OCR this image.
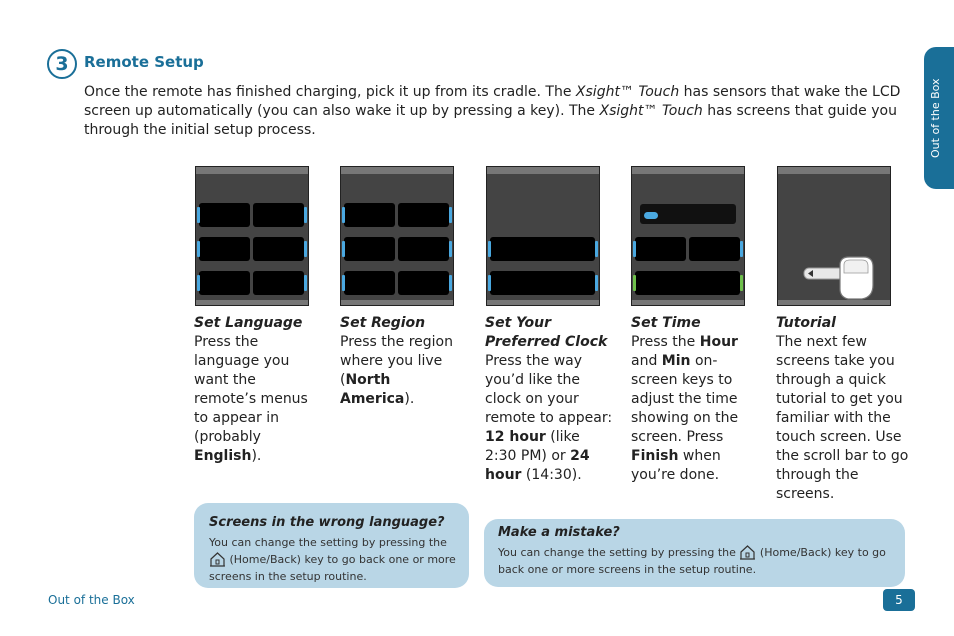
Out of the Box
3	Remote Setup
Once the remote has finished charging, pick it up from its cradle. The Xsight™ Touch has sensors that wake the LCD screen up automatically (you can also wake it up by pressing a key). The Xsight™ Touch has screens that guide you through the initial setup process.
Set Language
Press the language you want the remote’s menus to appear in (probably English).
Set Region
Press the region where you live (North America).
Set Your
Preferred Clock
Press the way you’d like the clock on your remote to appear: 12 hour (like 2:30 PM) or 24 hour (14:30).
Set Time
Press the Hour and Min on-screen keys to adjust the time showing on the screen. Press Finish when you’re done.
Tutorial
The next few screens take you through a quick tutorial to get you familiar with the touch screen. Use the scroll bar to go through the screens.
Screens in the wrong language?
You can change the setting by pressing the
(Home/Back) key to go back one or more screens in the setup routine.
Make a mistake?
You can change the setting by pressing the  (Home/Back) key to go back one or more screens in the setup routine.
Out of the Box	5
